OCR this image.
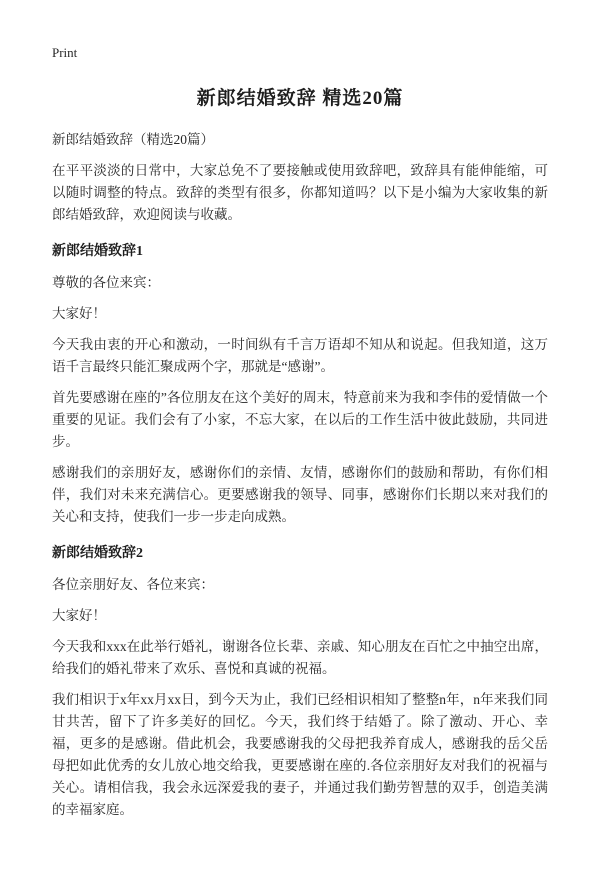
Print
新郎结婚致辞 精选20篇

新郎结婚致辞（精选20篇）

在平平淡淡的日常中，大家总免不了要接触或使用致辞吧，致辞具有能伸能缩，可以随时调整的特点。致辞的类型有很多，你都知道吗？以下是小编为大家收集的新郎结婚致辞，欢迎阅读与收藏。

新郎结婚致辞1

尊敬的各位来宾：

大家好！

今天我由衷的开心和激动，一时间纵有千言万语却不知从和说起。但我知道，这万语千言最终只能汇聚成两个字，那就是“感谢”。

首先要感谢在座的”各位朋友在这个美好的周末，特意前来为我和李伟的爱情做一个重要的见证。我们会有了小家，不忘大家，在以后的工作生活中彼此鼓励，共同进步。

感谢我们的亲朋好友，感谢你们的亲情、友情，感谢你们的鼓励和帮助，有你们相伴，我们对未来充满信心。更要感谢我的领导、同事，感谢你们长期以来对我们的关心和支持，使我们一步一步走向成熟。

新郎结婚致辞2

各位亲朋好友、各位来宾：

大家好！

今天我和xxx在此举行婚礼，谢谢各位长辈、亲戚、知心朋友在百忙之中抽空出席，给我们的婚礼带来了欢乐、喜悦和真诚的祝福。

我们相识于x年xx月xx日，到今天为止，我们已经相识相知了整整n年，n年来我们同甘共苦，留下了许多美好的回忆。今天，我们终于结婚了。除了激动、开心、幸福，更多的是感谢。借此机会，我要感谢我的父母把我养育成人，感谢我的岳父岳母把如此优秀的女儿放心地交给我，更要感谢在座的.各位亲朋好友对我们的祝福与关心。请相信我，我会永远深爱我的妻子，并通过我们勤劳智慧的双手，创造美满的幸福家庭。
